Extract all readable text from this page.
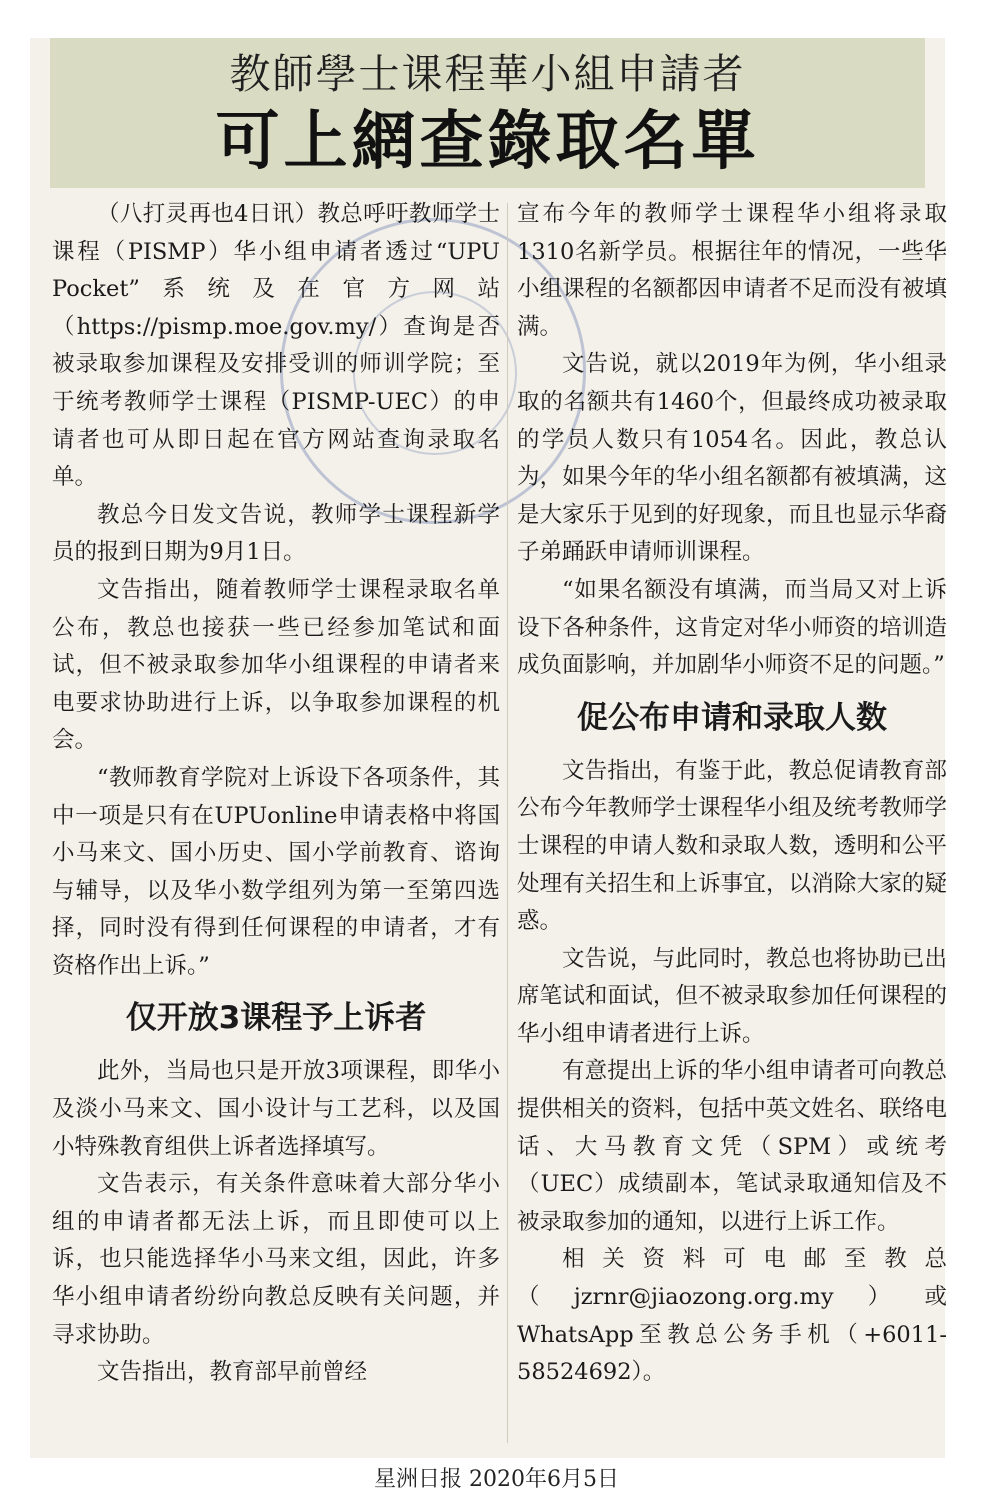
教師學士课程華小組申請者
可上網查錄取名單

（八打灵再也4日讯）教总呼吁教师学士课程（PISMP）华小组申请者透过“UPU Pocket”系统及在官方网站（https://pismp.moe.gov.my/）查询是否被录取参加课程及安排受训的师训学院；至于统考教师学士课程（PISMP-UEC）的申请者也可从即日起在官方网站查询录取名单。

教总今日发文告说，教师学士课程新学员的报到日期为9月1日。

文告指出，随着教师学士课程录取名单公布，教总也接获一些已经参加笔试和面试，但不被录取参加华小组课程的申请者来电要求协助进行上诉，以争取参加课程的机会。

“教师教育学院对上诉设下各项条件，其中一项是只有在UPUonline申请表格中将国小马来文、国小历史、国小学前教育、谘询与辅导，以及华小数学组列为第一至第四选择，同时没有得到任何课程的申请者，才有资格作出上诉。”

仅开放3课程予上诉者

此外，当局也只是开放3项课程，即华小及淡小马来文、国小设计与工艺科，以及国小特殊教育组供上诉者选择填写。

文告表示，有关条件意味着大部分华小组的申请者都无法上诉，而且即使可以上诉，也只能选择华小马来文组，因此，许多华小组申请者纷纷向教总反映有关问题，并寻求协助。

文告指出，教育部早前曾经

宣布今年的教师学士课程华小组将录取1310名新学员。根据往年的情况，一些华小组课程的名额都因申请者不足而没有被填满。

文告说，就以2019年为例，华小组录取的名额共有1460个，但最终成功被录取的学员人数只有1054名。因此，教总认为，如果今年的华小组名额都有被填满，这是大家乐于见到的好现象，而且也显示华裔子弟踊跃申请师训课程。

“如果名额没有填满，而当局又对上诉设下各种条件，这肯定对华小师资的培训造成负面影响，并加剧华小师资不足的问题。”

促公布申请和录取人数

文告指出，有鉴于此，教总促请教育部公布今年教师学士课程华小组及统考教师学士课程的申请人数和录取人数，透明和公平处理有关招生和上诉事宜，以消除大家的疑惑。

文告说，与此同时，教总也将协助已出席笔试和面试，但不被录取参加任何课程的华小组申请者进行上诉。

有意提出上诉的华小组申请者可向教总提供相关的资料，包括中英文姓名、联络电话、大马教育文凭（SPM）或统考（UEC）成绩副本，笔试录取通知信及不被录取参加的通知，以进行上诉工作。

相关资料可电邮至教总（jzrnr@jiaozong.org.my）或WhatsApp至教总公务手机（+6011-58524692）。

星洲日报 2020年6月5日
